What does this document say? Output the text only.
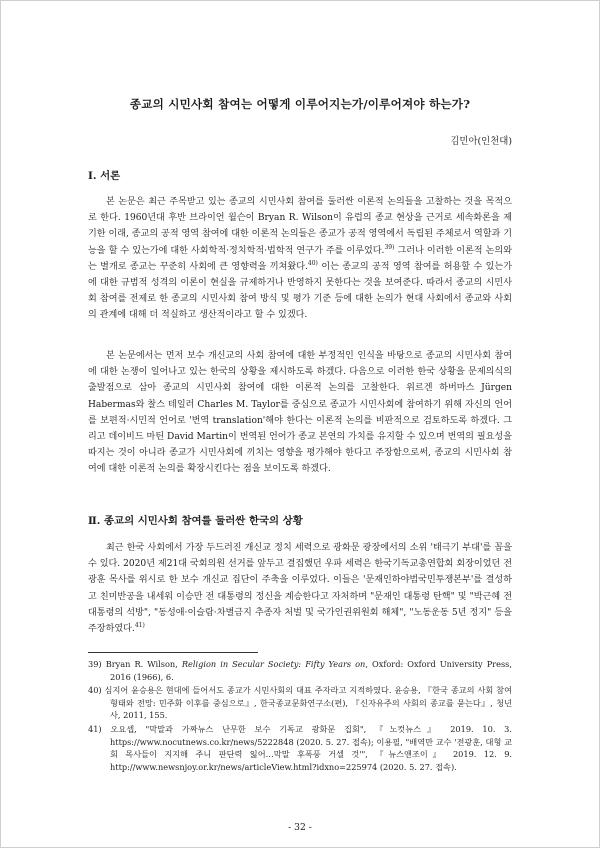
종교의 시민사회 참여는 어떻게 이루어지는가/이루어져야 하는가?
김민아(인천대)
Ⅰ. 서론

본 논문은 최근 주목받고 있는 종교의 시민사회 참여를 둘러싼 이론적 논의들을 고찰하는 것을 목적으로 한다. 1960년대 후반 브라이언 윌슨이 Bryan R. Wilson이 유럽의 종교 현상을 근거로 세속화론을 제기한 이래, 종교의 공적 영역 참여에 대한 이론적 논의들은 종교가 공적 영역에서 독립된 주체로서 역할과 기능을 할 수 있는가에 대한 사회학적·정치학적·법학적 연구가 주를 이루었다.$^{39)}$ 그러나 이러한 이론적 논의와는 별개로 종교는 꾸준히 사회에 큰 영향력을 끼쳐왔다.$^{40)}$ 이는 종교의 공적 영역 참여를 허용할 수 있는가에 대한 규범적 성격의 이론이 현실을 규제하거나 반영하지 못한다는 것을 보여준다. 따라서 종교의 시민사회 참여를 전제로 한 종교의 시민사회 참여 방식 및 평가 기준 등에 대한 논의가 현대 사회에서 종교와 사회의 관계에 대해 더 적실하고 생산적이라고 할 수 있겠다.

본 논문에서는 먼저 보수 개신교의 사회 참여에 대한 부정적인 인식을 바탕으로 종교의 시민사회 참여에 대한 논쟁이 일어나고 있는 한국의 상황을 제시하도록 하겠다. 다음으로 이러한 한국 상황을 문제의식의 출발점으로 삼아 종교의 시민사회 참여에 대한 이론적 논의를 고찰한다. 위르겐 하버마스 Jürgen Habermas와 찰스 테일러 Charles M. Taylor를 중심으로 종교가 시민사회에 참여하기 위해 자신의 언어를 보편적·시민적 언어로 '번역 translation'해야 한다는 이론적 논의를 비판적으로 검토하도록 하겠다. 그리고 데이비드 마틴 David Martin이 번역된 언어가 종교 본연의 가치를 유지할 수 있으며 번역의 필요성을 따지는 것이 아니라 종교가 시민사회에 끼치는 영향을 평가해야 한다고 주장함으로써, 종교의 시민사회 참여에 대한 이론적 논의를 확장시킨다는 점을 보이도록 하겠다.

Ⅱ. 종교의 시민사회 참여를 둘러싼 한국의 상황

최근 한국 사회에서 가장 두드러진 개신교 정치 세력으로 광화문 광장에서의 소위 '태극기 부대'를 꼽을 수 있다. 2020년 제21대 국회의원 선거를 앞두고 결집했던 우파 세력은 한국기독교총연합회 회장이었던 전광훈 목사를 위시로 한 보수 개신교 집단이 주축을 이루었다. 이들은 '문재인하야범국민투쟁본부'를 결성하고 친미반공을 내세워 이승만 전 대통령의 정신을 계승한다고 자처하며 "문재인 대통령 탄핵" 및 "박근혜 전 대통령의 석방", "동성애·이슬람·차별금지 추종자 처벌 및 국가인권위원회 해체", "노동운동 5년 정지" 등을 주장하였다.$^{41)}$

39) Bryan R. Wilson, Religion in Secular Society: Fifty Years on, Oxford: Oxford University Press, 2016 (1966), 6.
40) 심지어 윤승용은 현대에 들어서도 종교가 시민사회의 대표 주자라고 지적하였다. 윤승용, 『한국 종교의 사회 참여 형태와 전망: 민주화 이후를 중심으로』, 한국종교문화연구소(편), 『신자유주의 사회의 종교를 묻는다』, 청년사, 2011, 155.
41) 오요셉, "막말과 가짜뉴스 난무한 보수 기독교 광화문 집회", 『노컷뉴스』 2019. 10. 3. https://www.nocutnews.co.kr/news/5222848 (2020. 5. 27. 접속); 이용필, "배역만 교수 '전광훈, 대형 교회 목사들이 지지해 주니 판단력 잃어…막말 후폭풍 거셀 것'", 『뉴스앤조이』 2019. 12. 9. http://www.newsnjoy.or.kr/news/articleView.html?idxno=225974 (2020. 5. 27. 접속).
- 32 -
